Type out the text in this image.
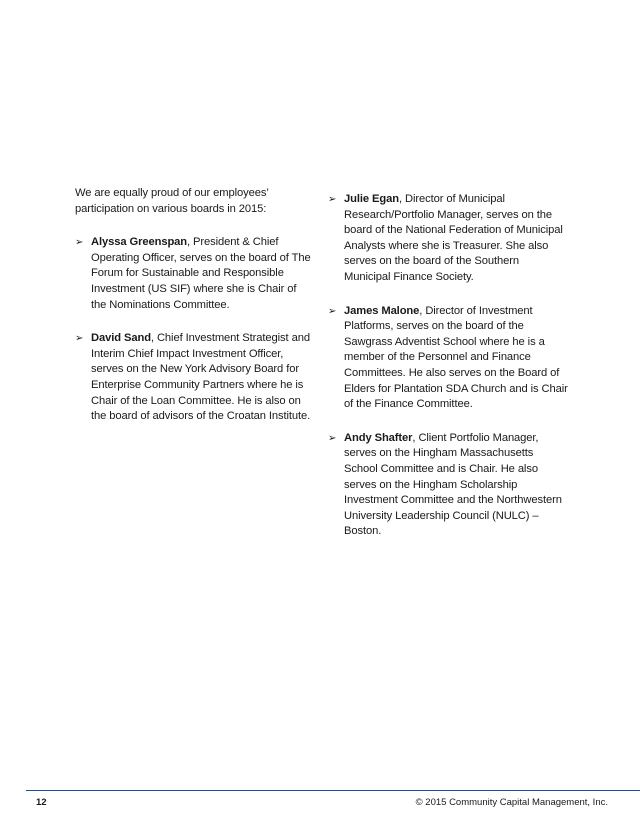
We are equally proud of our employees’ participation on various boards in 2015:

➢ Alyssa Greenspan, President & Chief Operating Officer, serves on the board of The Forum for Sustainable and Responsible Investment (US SIF) where she is Chair of the Nominations Committee.
➢ David Sand, Chief Investment Strategist and Interim Chief Impact Investment Officer, serves on the New York Advisory Board for Enterprise Community Partners where he is Chair of the Loan Committee. He is also on the board of advisors of the Croatan Institute.
➢ Julie Egan, Director of Municipal Research/Portfolio Manager, serves on the board of the National Federation of Municipal Analysts where she is Treasurer. She also serves on the board of the Southern Municipal Finance Society.
➢ James Malone, Director of Investment Platforms, serves on the board of the Sawgrass Adventist School where he is a member of the Personnel and Finance Committees. He also serves on the Board of Elders for Plantation SDA Church and is Chair of the Finance Committee.
➢ Andy Shafter, Client Portfolio Manager, serves on the Hingham Massachusetts School Committee and is Chair. He also serves on the Hingham Scholarship Investment Committee and the Northwestern University Leadership Council (NULC) – Boston.
12	© 2015 Community Capital Management, Inc.
